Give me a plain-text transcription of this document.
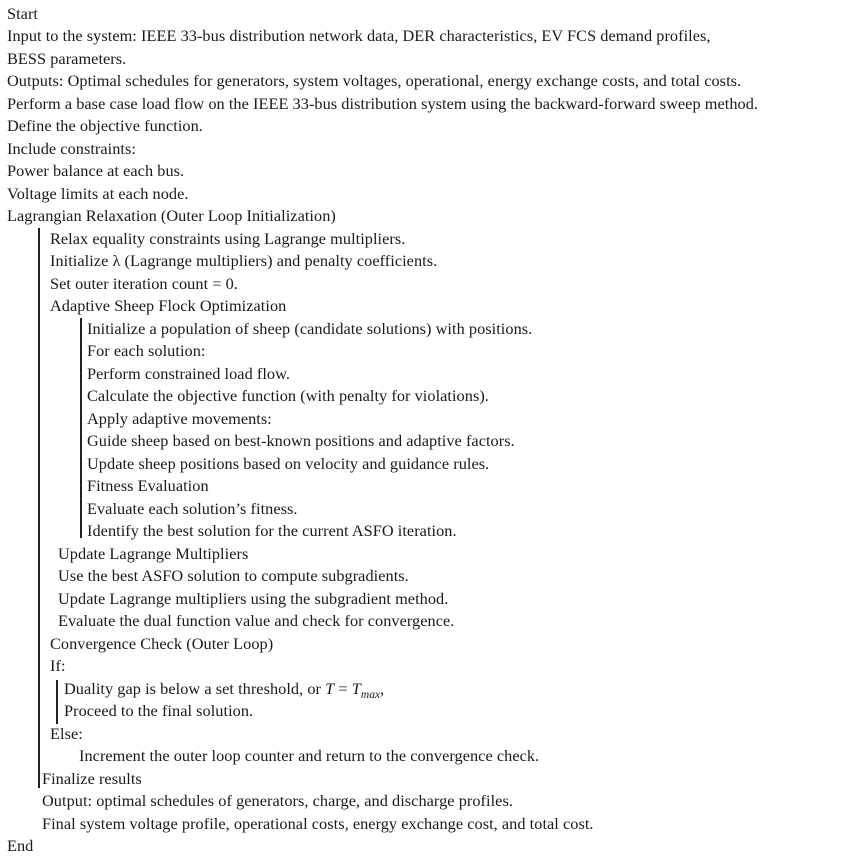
Start
Input to the system: IEEE 33-bus distribution network data, DER characteristics, EV FCS demand profiles,
BESS parameters.
Outputs: Optimal schedules for generators, system voltages, operational, energy exchange costs, and total costs.
Perform a base case load flow on the IEEE 33-bus distribution system using the backward-forward sweep method.
Define the objective function.
Include constraints:
Power balance at each bus.
Voltage limits at each node.
Lagrangian Relaxation (Outer Loop Initialization)
Relax equality constraints using Lagrange multipliers.
Initialize λ (Lagrange multipliers) and penalty coefficients.
Set outer iteration count = 0.
Adaptive Sheep Flock Optimization
Initialize a population of sheep (candidate solutions) with positions.
For each solution:
Perform constrained load flow.
Calculate the objective function (with penalty for violations).
Apply adaptive movements:
Guide sheep based on best-known positions and adaptive factors.
Update sheep positions based on velocity and guidance rules.
Fitness Evaluation
Evaluate each solution’s fitness.
Identify the best solution for the current ASFO iteration.
Update Lagrange Multipliers
Use the best ASFO solution to compute subgradients.
Update Lagrange multipliers using the subgradient method.
Evaluate the dual function value and check for convergence.
Convergence Check (Outer Loop)
If:
Duality gap is below a set threshold, or $T = T_{max}$,
Proceed to the final solution.
Else:
Increment the outer loop counter and return to the convergence check.
Finalize results
Output: optimal schedules of generators, charge, and discharge profiles.
Final system voltage profile, operational costs, energy exchange cost, and total cost.
End
